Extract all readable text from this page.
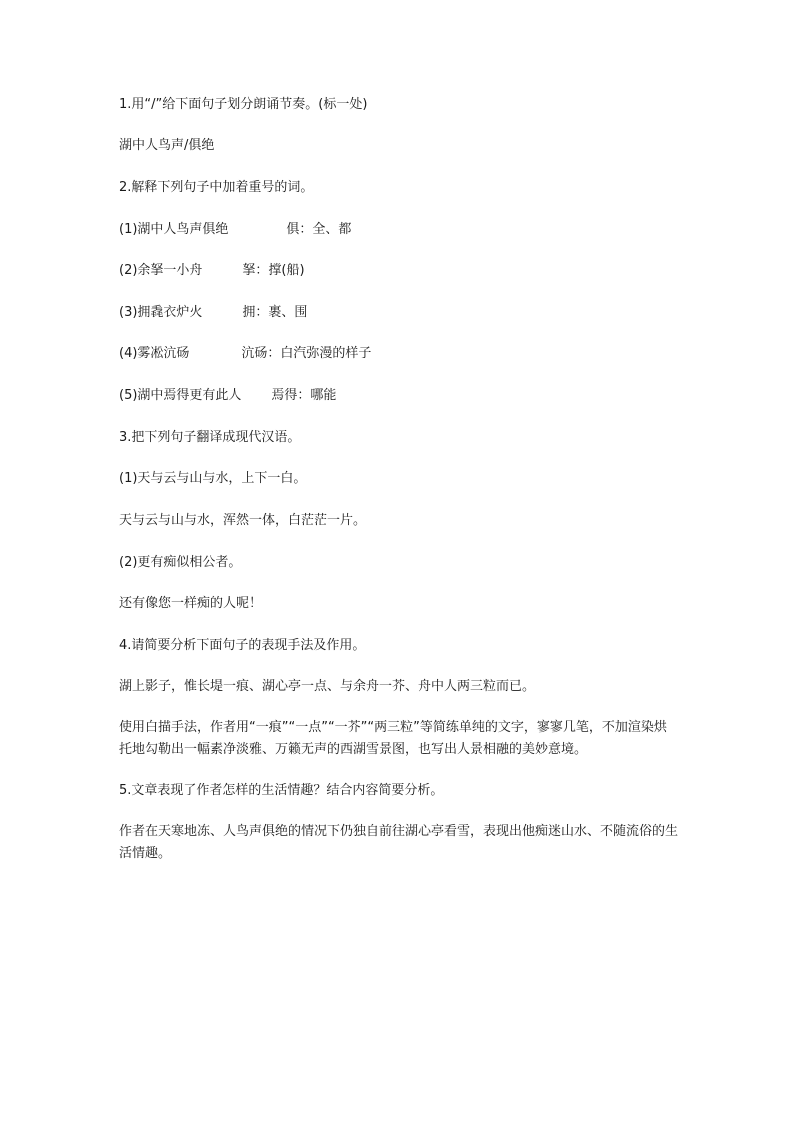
1.用“/”给下面句子划分朗诵节奏。(标一处)
湖中人鸟声/俱绝
2.解释下列句子中加着重号的词。
(1)湖中人鸟声俱绝	俱：全、都
(2)余拏一小舟	拏：撑(船)
(3)拥毳衣炉火	拥：裹、围
(4)雾凇沆砀	沆砀：白汽弥漫的样子
(5)湖中焉得更有此人 焉得：哪能
3.把下列句子翻译成现代汉语。
(1)天与云与山与水，上下一白。
天与云与山与水，浑然一体，白茫茫一片。
(2)更有痴似相公者。
还有像您一样痴的人呢！
4.请简要分析下面句子的表现手法及作用。
湖上影子，惟长堤一痕、湖心亭一点、与余舟一芥、舟中人两三粒而已。
使用白描手法，作者用“一痕”“一点”“一芥”“两三粒”等简练单纯的文字，寥寥几笔，不加渲染烘托地勾勒出一幅素净淡雅、万籁无声的西湖雪景图，也写出人景相融的美妙意境。
5.文章表现了作者怎样的生活情趣？结合内容简要分析。
作者在天寒地冻、人鸟声俱绝的情况下仍独自前往湖心亭看雪，表现出他痴迷山水、不随流俗的生活情趣。
